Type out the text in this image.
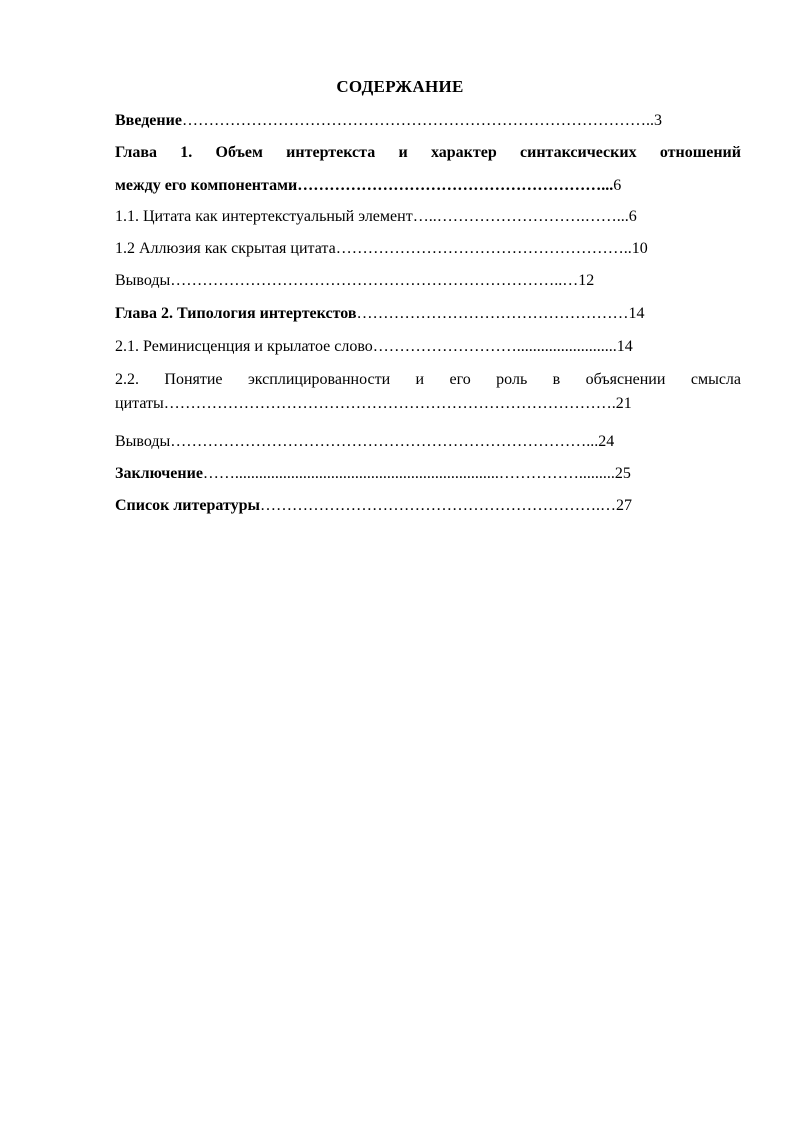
СОДЕРЖАНИЕ
Введение……………………………………………………………………………..3
Глава 1. Объем интертекста и характер синтаксических отношений
между его компонентами…………………………………………………...6
1.1. Цитата как интертекстуальный элемент…..……………………….……...6
1.2 Аллюзия как скрытая цитата………………………………………………..10
Выводы………………………………………………………………..…12
Глава 2. Типология интертекстов……………………………………………14
2.1. Реминисценция и крылатое слово……………………….........................14
2.2. Понятие эксплицированности и его роль в объяснении смысла
цитаты………………………………………………………………………….21
Выводы……………………………………………………………………...24
Заключение……..................................................................…………….........25
Список литературы……………………………………………………….…27
